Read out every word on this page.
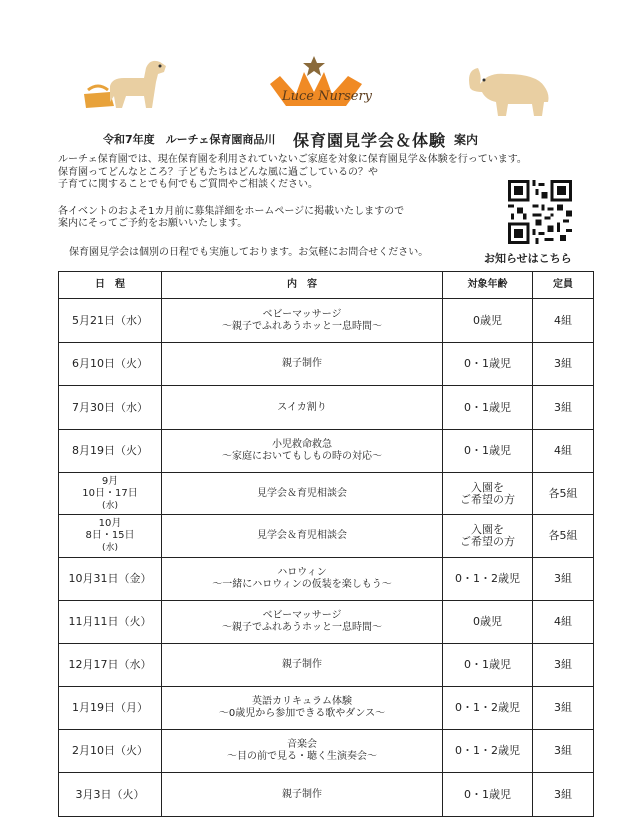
Luce Nursery
令和7年度　ルーチェ保育園商品川 保育園見学会＆体験 案内

ルーチェ保育園では、現在保育園を利用されていないご家庭を対象に保育園見学＆体験を行っています。

保育園ってどんなところ？子どもたちはどんな風に過ごしているの？や

子育てに関することでも何でもご質問やご相談ください。

各イベントのおよそ1カ月前に募集詳細をホームページに掲載いたしますので

案内にそってご予約をお願いいたします。

保育園見学会は個別の日程でも実施しております。お気軽にお問合せください。	お知らせはこちら
日　程	内　容	対象年齢	定員
5月21日（水）	ベビーマッサージ
～親子でふれあうホッと一息時間～	0歳児	4組
6月10日（火）	親子制作	0・1歳児	3組
7月30日（水）	スイカ割り	0・1歳児	3組
8月19日（火）	小児救命救急
～家庭においてもしもの時の対応～	0・1歳児	4組

9月
10日・17日
(水)	見学会＆育児相談会	入園を
ご希望の方	各5組

10月
8日・15日
(水)	見学会＆育児相談会	入園を
ご希望の方	各5組
10月31日（金）	ハロウィン
～一緒にハロウィンの仮装を楽しもう～	0・1・2歳児	3組
11月11日（火）	ベビーマッサージ
～親子でふれあうホッと一息時間～	0歳児	4組
12月17日（水）	親子制作	0・1歳児	3組
1月19日（月）	英語カリキュラム体験
～0歳児から参加できる歌やダンス～	0・1・2歳児	3組
2月10日（火）	音楽会
～目の前で見る・聴く生演奏会～	0・1・2歳児	3組
3月3日（火）	親子制作	0・1歳児	3組
